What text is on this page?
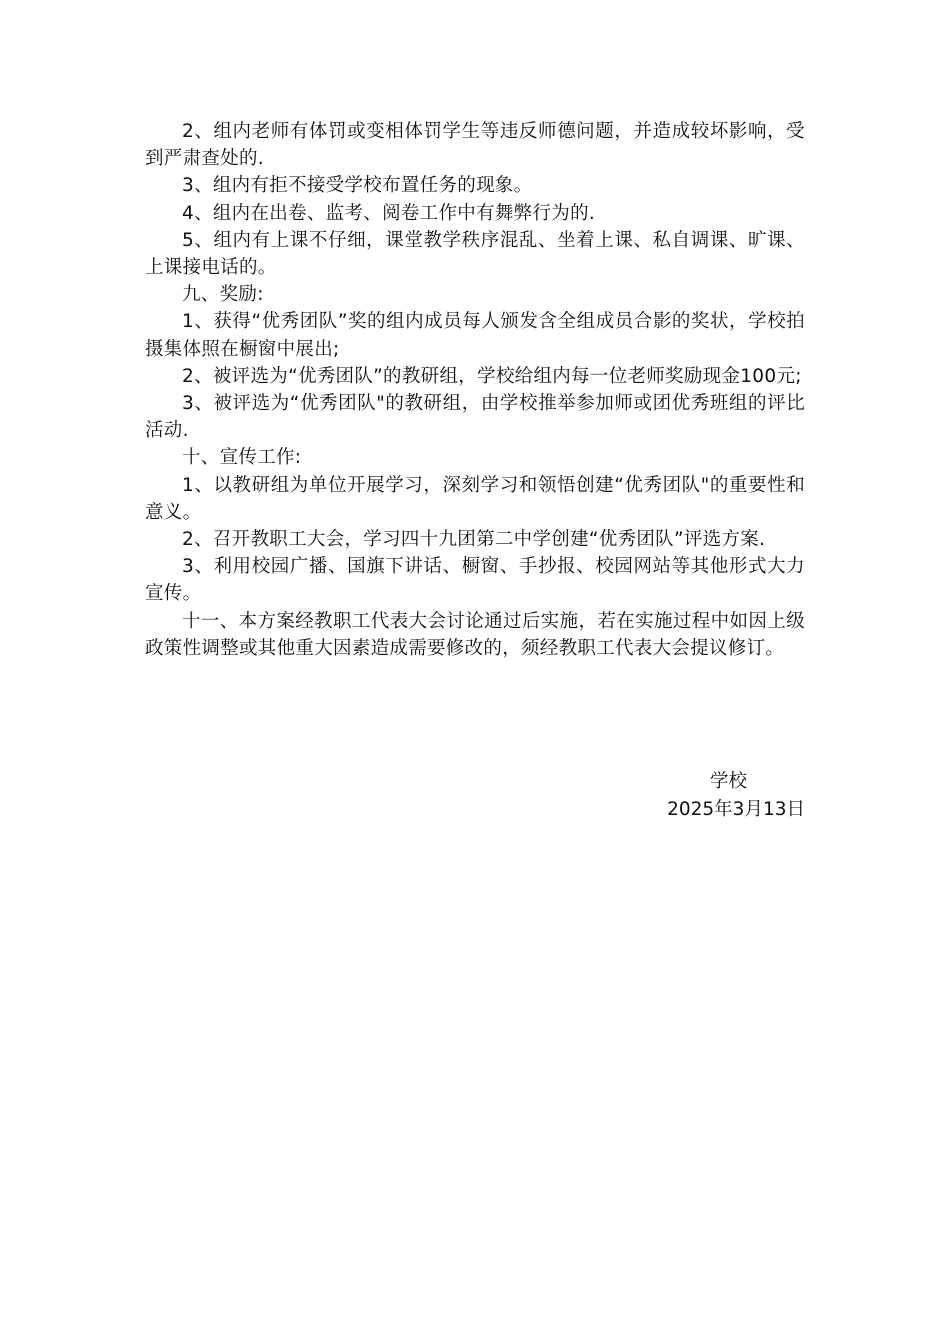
2、组内老师有体罚或变相体罚学生等违反师德问题，并造成较坏影响，受到严肃查处的.

3、组内有拒不接受学校布置任务的现象。

4、组内在出卷、监考、阅卷工作中有舞弊行为的.

5、组内有上课不仔细，课堂教学秩序混乱、坐着上课、私自调课、旷课、上课接电话的。

九、奖励:

1、获得“优秀团队”奖的组内成员每人颁发含全组成员合影的奖状，学校拍摄集体照在橱窗中展出;

2、被评选为“优秀团队”的教研组，学校给组内每一位老师奖励现金100元;

3、被评选为“优秀团队"的教研组，由学校推举参加师或团优秀班组的评比活动.

十、宣传工作:

1、以教研组为单位开展学习，深刻学习和领悟创建“优秀团队"的重要性和意义。

2、召开教职工大会，学习四十九团第二中学创建“优秀团队”评选方案.

3、利用校园广播、国旗下讲话、橱窗、手抄报、校园网站等其他形式大力宣传。

十一、本方案经教职工代表大会讨论通过后实施，若在实施过程中如因上级政策性调整或其他重大因素造成需要修改的，须经教职工代表大会提议修订。

学校
2025年3月13日
